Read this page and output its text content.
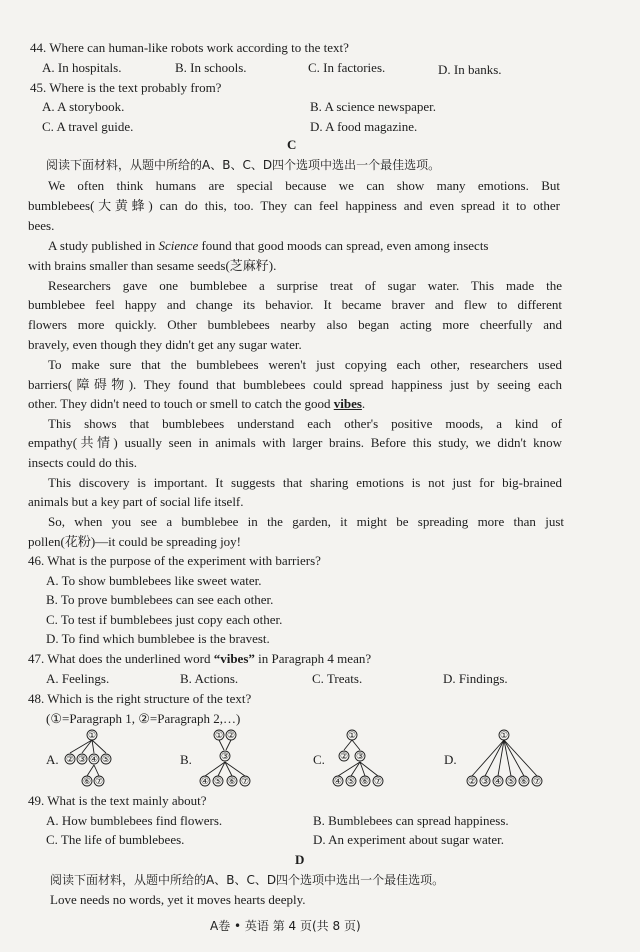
44. Where can human-like robots work according to the text?
A. In hospitals.	B. In schools.	C. In factories.	D. In banks.
45. Where is the text probably from?
A. A storybook.	B. A science newspaper.
C. A travel guide.	D. A food magazine.
C
阅读下面材料，从题中所给的A、B、C、D四个选项中选出一个最佳选项。
We often think humans are special because we can show many emotions. But
bumblebees(大黄蜂) can do this, too. They can feel happiness and even spread it to other
bees.
A study published in Science found that good moods can spread, even among insects
with brains smaller than sesame seeds(芝麻籽).
Researchers gave one bumblebee a surprise treat of sugar water. This made the
bumblebee feel happy and change its behavior. It became braver and flew to different
flowers more quickly. Other bumblebees nearby also began acting more cheerfully and
bravely, even though they didn't get any sugar water.
To make sure that the bumblebees weren't just copying each other, researchers used
barriers(障碍物). They found that bumblebees could spread happiness just by seeing each
other. They didn't need to touch or smell to catch the good vibes.
This shows that bumblebees understand each other's positive moods, a kind of
empathy(共情) usually seen in animals with larger brains. Before this study, we didn't know
insects could do this.
This discovery is important. It suggests that sharing emotions is not just for big-brained
animals but a key part of social life itself.
So, when you see a bumblebee in the garden, it might be spreading more than just
pollen(花粉)—it could be spreading joy!
46. What is the purpose of the experiment with barriers?
A. To show bumblebees like sweet water.
B. To prove bumblebees can see each other.
C. To test if bumblebees just copy each other.
D. To find which bumblebee is the bravest.
47. What does the underlined word “vibes” in Paragraph 4 mean?
A. Feelings.	B. Actions.	C. Treats.	D. Findings.
48. Which is the right structure of the text?
(①=Paragraph 1, ②=Paragraph 2,…)
A.	B.	C.	D.
①
② ③ ④ ⑤
⑥ ⑦
① ②
③
④ ⑤ ⑥ ⑦
①
② ③
④ ⑤ ⑥ ⑦
①
② ③ ④ ⑤ ⑥ ⑦
49. What is the text mainly about?
A. How bumblebees find flowers.	B. Bumblebees can spread happiness.
C. The life of bumblebees.	D. An experiment about sugar water.
D
阅读下面材料，从题中所给的A、B、C、D四个选项中选出一个最佳选项。
Love needs no words, yet it moves hearts deeply.
A卷 • 英语 第 4 页(共 8 页)
